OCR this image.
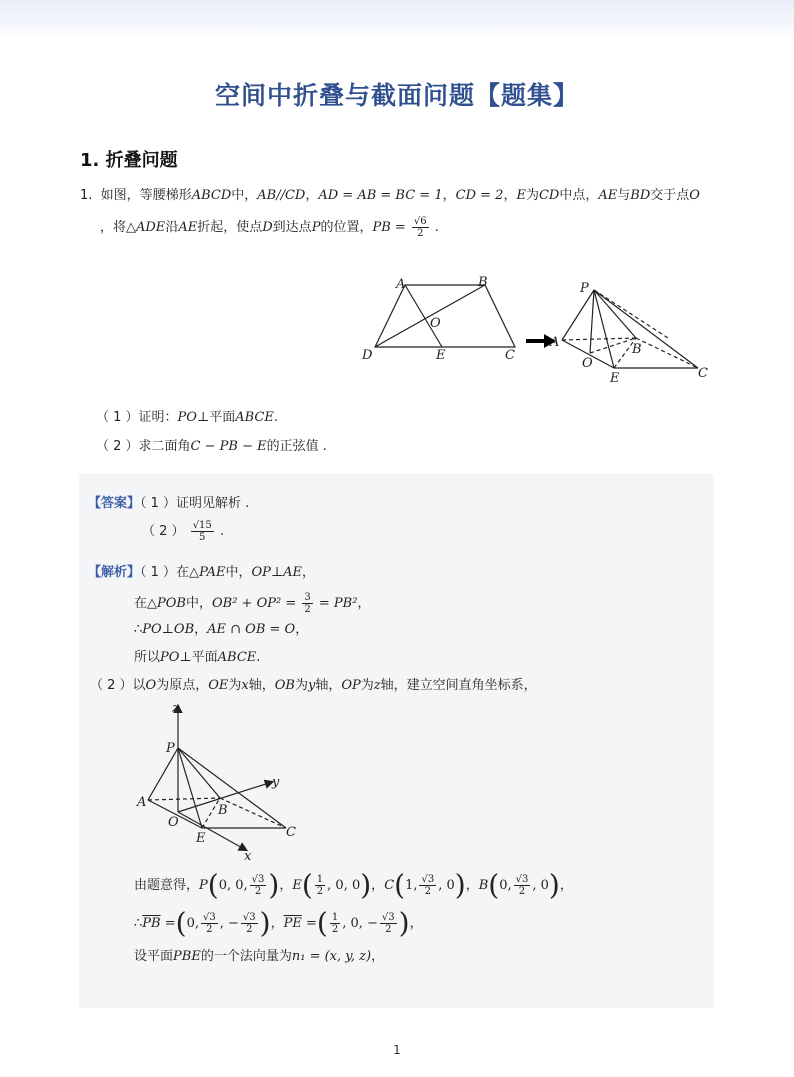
空间中折叠与截面问题【题集】
1. 折叠问题
1. 如图，等腰梯形ABCD中，AB//CD，AD = AB = BC = 1，CD = 2，E为CD中点，AE与BD交于点O
，将△ADE沿AE折起，使点D到达点P的位置，PB = $\frac{√6}{2}$ .
A	B
C
D	E
O
P
A	B
C
O
E
（ 1 ）证明：PO⊥平面ABCE.
（ 2 ）求二面角C − PB − E的正弦值 .
【答案】（ 1 ）证明见解析 .
（ 2 ） $\frac{√15}{5}$ .
【解析】（ 1 ）在△PAE中，OP⊥AE，
在△POB中，$OB^2 + OP^2 = \frac{3}{2} = PB^2$，
∴PO⊥OB，AE ∩ OB = O，
所以PO⊥平面ABCE.
（ 2 ）以O为原点，OE为x轴，OB为y轴，OP为z轴，建立空间直角坐标系，
z
y
x
P
A
B
O
E	C
由题意得，P(0, 0, $\frac{√3}{2}$ )，$E( \frac{1}{2}$ , 0, 0)，C(1, $\frac{√3}{2}$ , 0)，B(0, $\frac{√3}{2}$ , 0)，
$\therefore\overline{PB} =(0$, $\frac{√3}{2}$ , − $\frac{√3}{2}$ )，$\overline{PE}$ =( $\frac{1}{2}$ , 0, − $\frac{√3}{2}$ )，
设平面PBE的一个法向量为n₁ = (x, y, z)，
1
